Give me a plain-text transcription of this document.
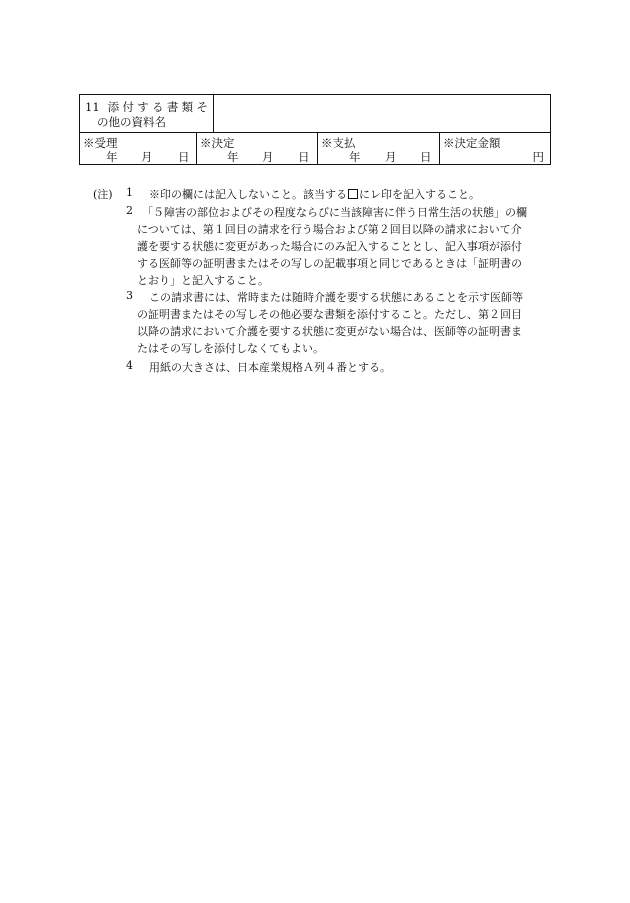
11 添付する書類そ
の他の資料名
※受理
年 月 日
※決定
年 月 日
※支払
年 月 日
※決定金額
円
(注) 1 ※印の欄には記入しないこと。該当する にレ印を記入すること。
2 「５障害の部位およびその程度ならびに当該障害に伴う日常生活の状態」の欄
については、第１回目の請求を行う場合および第２回目以降の請求において介
護を要する状態に変更があった場合にのみ記入することとし、記入事項が添付
する医師等の証明書またはその写しの記載事項と同じであるときは「証明書の
とおり」と記入すること。
3 この請求書には、常時または随時介護を要する状態にあることを示す医師等
の証明書またはその写しその他必要な書類を添付すること。ただし、第２回目
以降の請求において介護を要する状態に変更がない場合は、医師等の証明書ま
たはその写しを添付しなくてもよい。
4 用紙の大きさは、日本産業規格Ａ列４番とする。
